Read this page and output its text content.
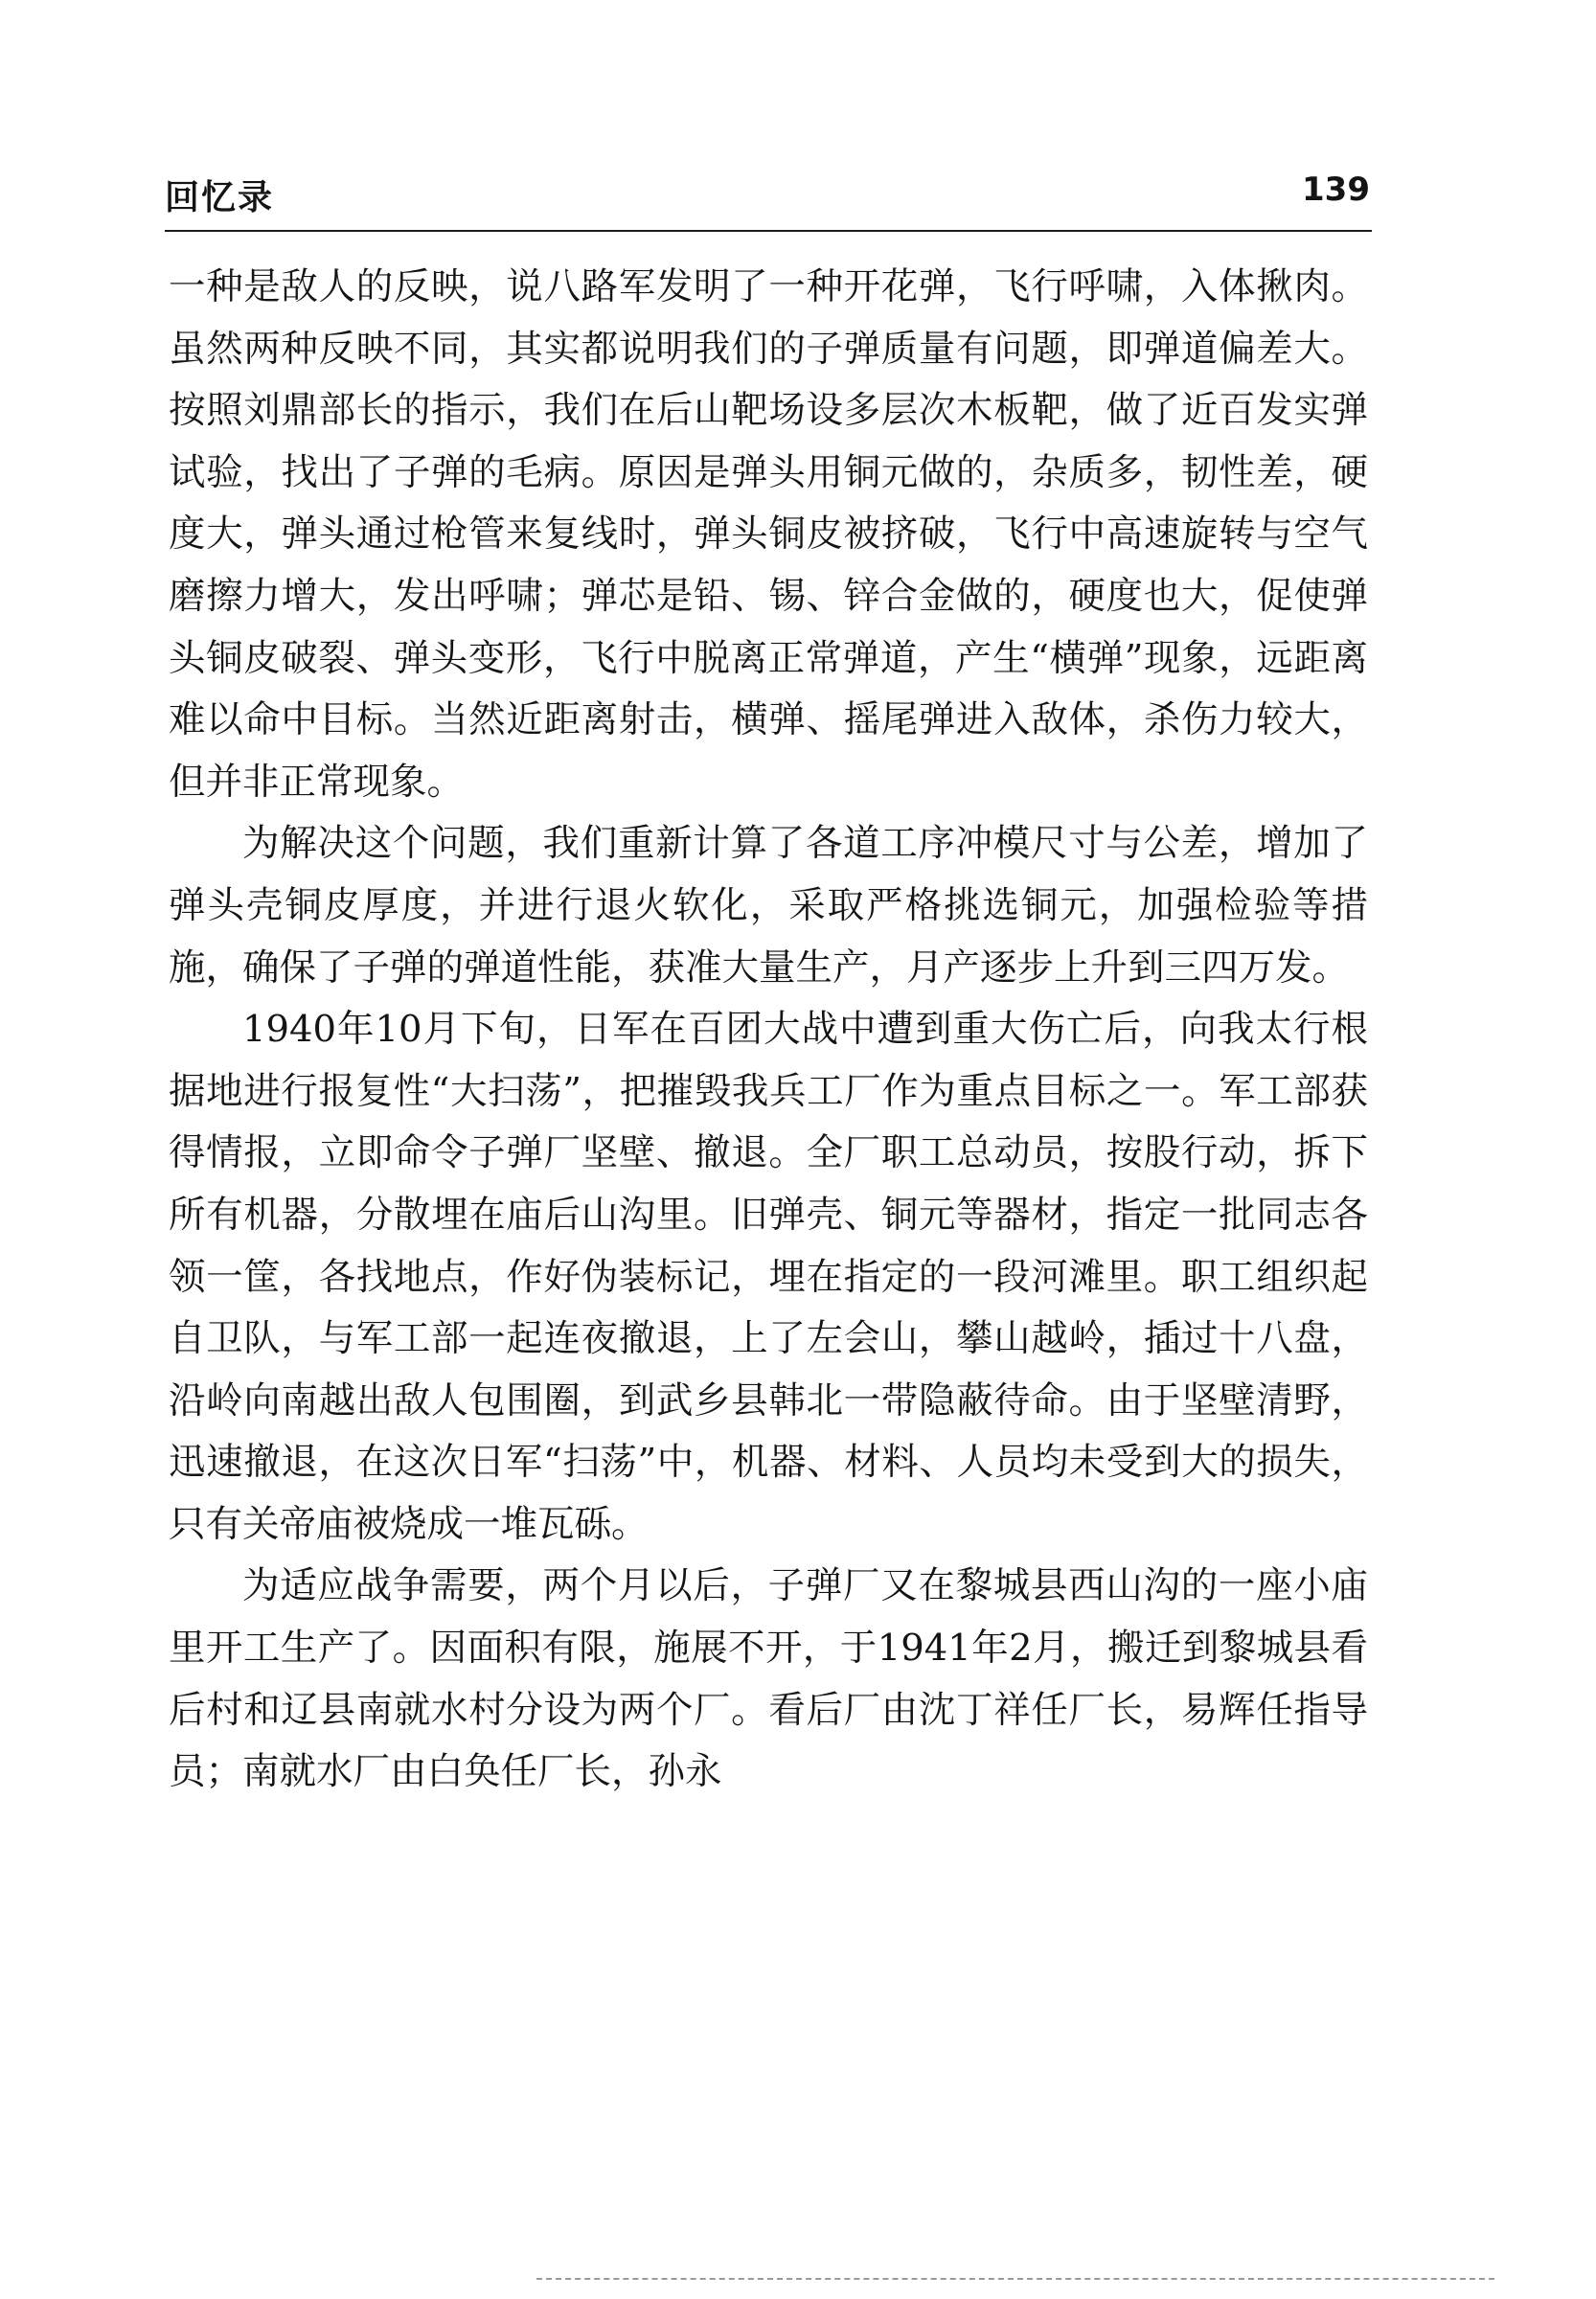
回忆录	139

一种是敌人的反映，说八路军发明了一种开花弹，飞行呼啸，入体揪肉。虽然两种反映不同，其实都说明我们的子弹质量有问题，即弹道偏差大。按照刘鼎部长的指示，我们在后山靶场设多层次木板靶，做了近百发实弹试验，找出了子弹的毛病。原因是弹头用铜元做的，杂质多，韧性差，硬度大，弹头通过枪管来复线时，弹头铜皮被挤破，飞行中高速旋转与空气磨擦力增大，发出呼啸；弹芯是铅、锡、锌合金做的，硬度也大，促使弹头铜皮破裂、弹头变形，飞行中脱离正常弹道，产生“横弹”现象，远距离难以命中目标。当然近距离射击，横弹、摇尾弹进入敌体，杀伤力较大，但并非正常现象。

为解决这个问题，我们重新计算了各道工序冲模尺寸与公差，增加了弹头壳铜皮厚度，并进行退火软化，采取严格挑选铜元，加强检验等措施，确保了子弹的弹道性能，获准大量生产，月产逐步上升到三四万发。

1940年10月下旬，日军在百团大战中遭到重大伤亡后，向我太行根据地进行报复性“大扫荡”，把摧毁我兵工厂作为重点目标之一。军工部获得情报，立即命令子弹厂坚壁、撤退。全厂职工总动员，按股行动，拆下所有机器，分散埋在庙后山沟里。旧弹壳、铜元等器材，指定一批同志各领一筐，各找地点，作好伪装标记，埋在指定的一段河滩里。职工组织起自卫队，与军工部一起连夜撤退，上了左会山，攀山越岭，插过十八盘，沿岭向南越出敌人包围圈，到武乡县韩北一带隐蔽待命。由于坚壁清野，迅速撤退，在这次日军“扫荡”中，机器、材料、人员均未受到大的损失，只有关帝庙被烧成一堆瓦砾。

为适应战争需要，两个月以后，子弹厂又在黎城县西山沟的一座小庙里开工生产了。因面积有限，施展不开，于1941年2月，搬迁到黎城县看后村和辽县南就水村分设为两个厂。看后厂由沈丁祥任厂长，易辉任指导员；南就水厂由白奂任厂长，孙永
